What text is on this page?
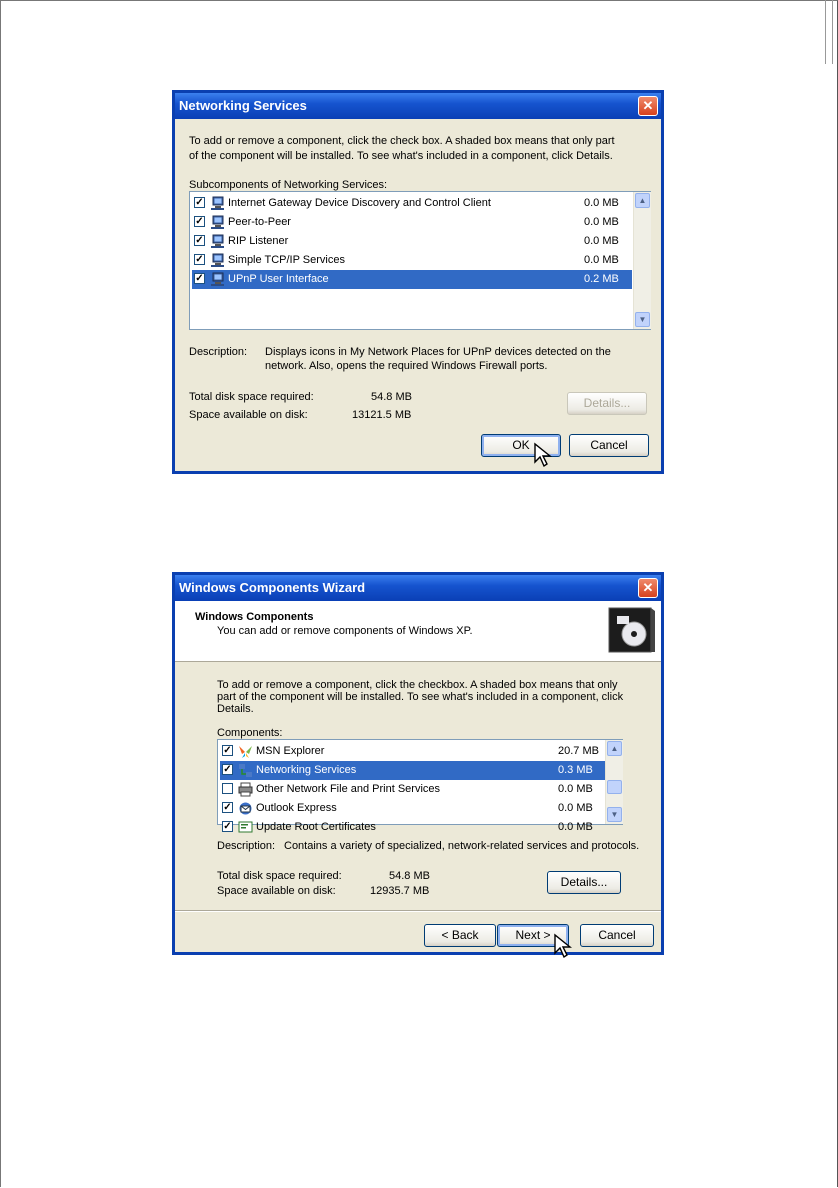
Networking Services	✕
To add or remove a component, click the check box. A shaded box means that only part
of the component will be installed. To see what's included in a component, click Details.
Subcomponents of Networking Services:
✓ Internet Gateway Device Discovery and Control Client	0.0 MB
✓ Peer-to-Peer	0.0 MB
✓ RIP Listener	0.0 MB
✓ Simple TCP/IP Services	0.0 MB
✓ UPnP User Interface	0.2 MB
▲
▼
Description: Displays icons in My Network Places for UPnP devices detected on the
network. Also, opens the required Windows Firewall ports.
Total disk space required:	54.8 MB
Space available on disk:	13121.5 MB
Details...
OK	Cancel
Windows Components Wizard	✕
Windows Components
You can add or remove components of Windows XP.
To add or remove a component, click the checkbox. A shaded box means that only
part of the component will be installed. To see what's included in a component, click
Details.
Components:
✓ MSN Explorer	20.7 MB
✓ Networking Services	0.3 MB
Other Network File and Print Services	0.0 MB
✓ Outlook Express	0.0 MB
✓ Update Root Certificates	0.0 MB
▲
▼
Description: Contains a variety of specialized, network-related services and protocols.
Total disk space required:	54.8 MB
Space available on disk:	12935.7 MB
Details...
< Back	Next >	Cancel
